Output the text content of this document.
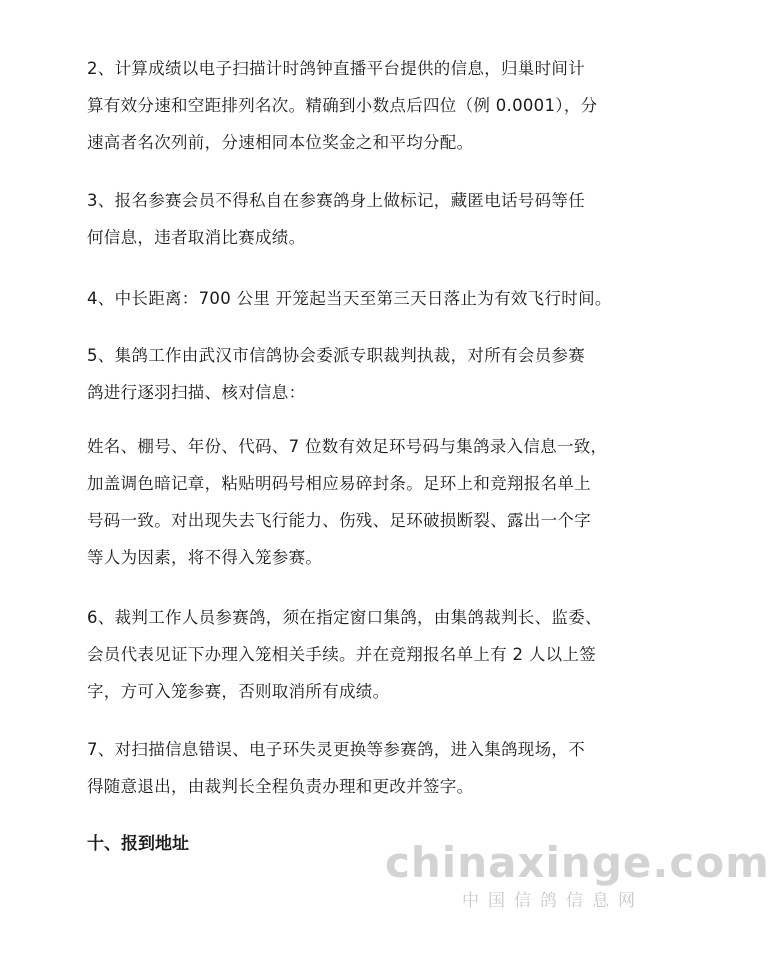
2、计算成绩以电子扫描计时鸽钟直播平台提供的信息，归巢时间计
算有效分速和空距排列名次。精确到小数点后四位（例 0.0001），分
速高者名次列前，分速相同本位奖金之和平均分配。
3、报名参赛会员不得私自在参赛鸽身上做标记，藏匿电话号码等任
何信息，违者取消比赛成绩。
4、中长距离：700 公里 开笼起当天至第三天日落止为有效飞行时间。
5、集鸽工作由武汉市信鸽协会委派专职裁判执裁，对所有会员参赛
鸽进行逐羽扫描、核对信息：
姓名、棚号、年份、代码、7 位数有效足环号码与集鸽录入信息一致，
加盖调色暗记章，粘贴明码号相应易碎封条。足环上和竞翔报名单上
号码一致。对出现失去飞行能力、伤残、足环破损断裂、露出一个字
等人为因素，将不得入笼参赛。
6、裁判工作人员参赛鸽，须在指定窗口集鸽，由集鸽裁判长、监委、
会员代表见证下办理入笼相关手续。并在竞翔报名单上有 2 人以上签
字，方可入笼参赛，否则取消所有成绩。
7、对扫描信息错误、电子环失灵更换等参赛鸽，进入集鸽现场，不
得随意退出，由裁判长全程负责办理和更改并签字。
十、报到地址	chinaxinge.com
中国信鸽信息网
